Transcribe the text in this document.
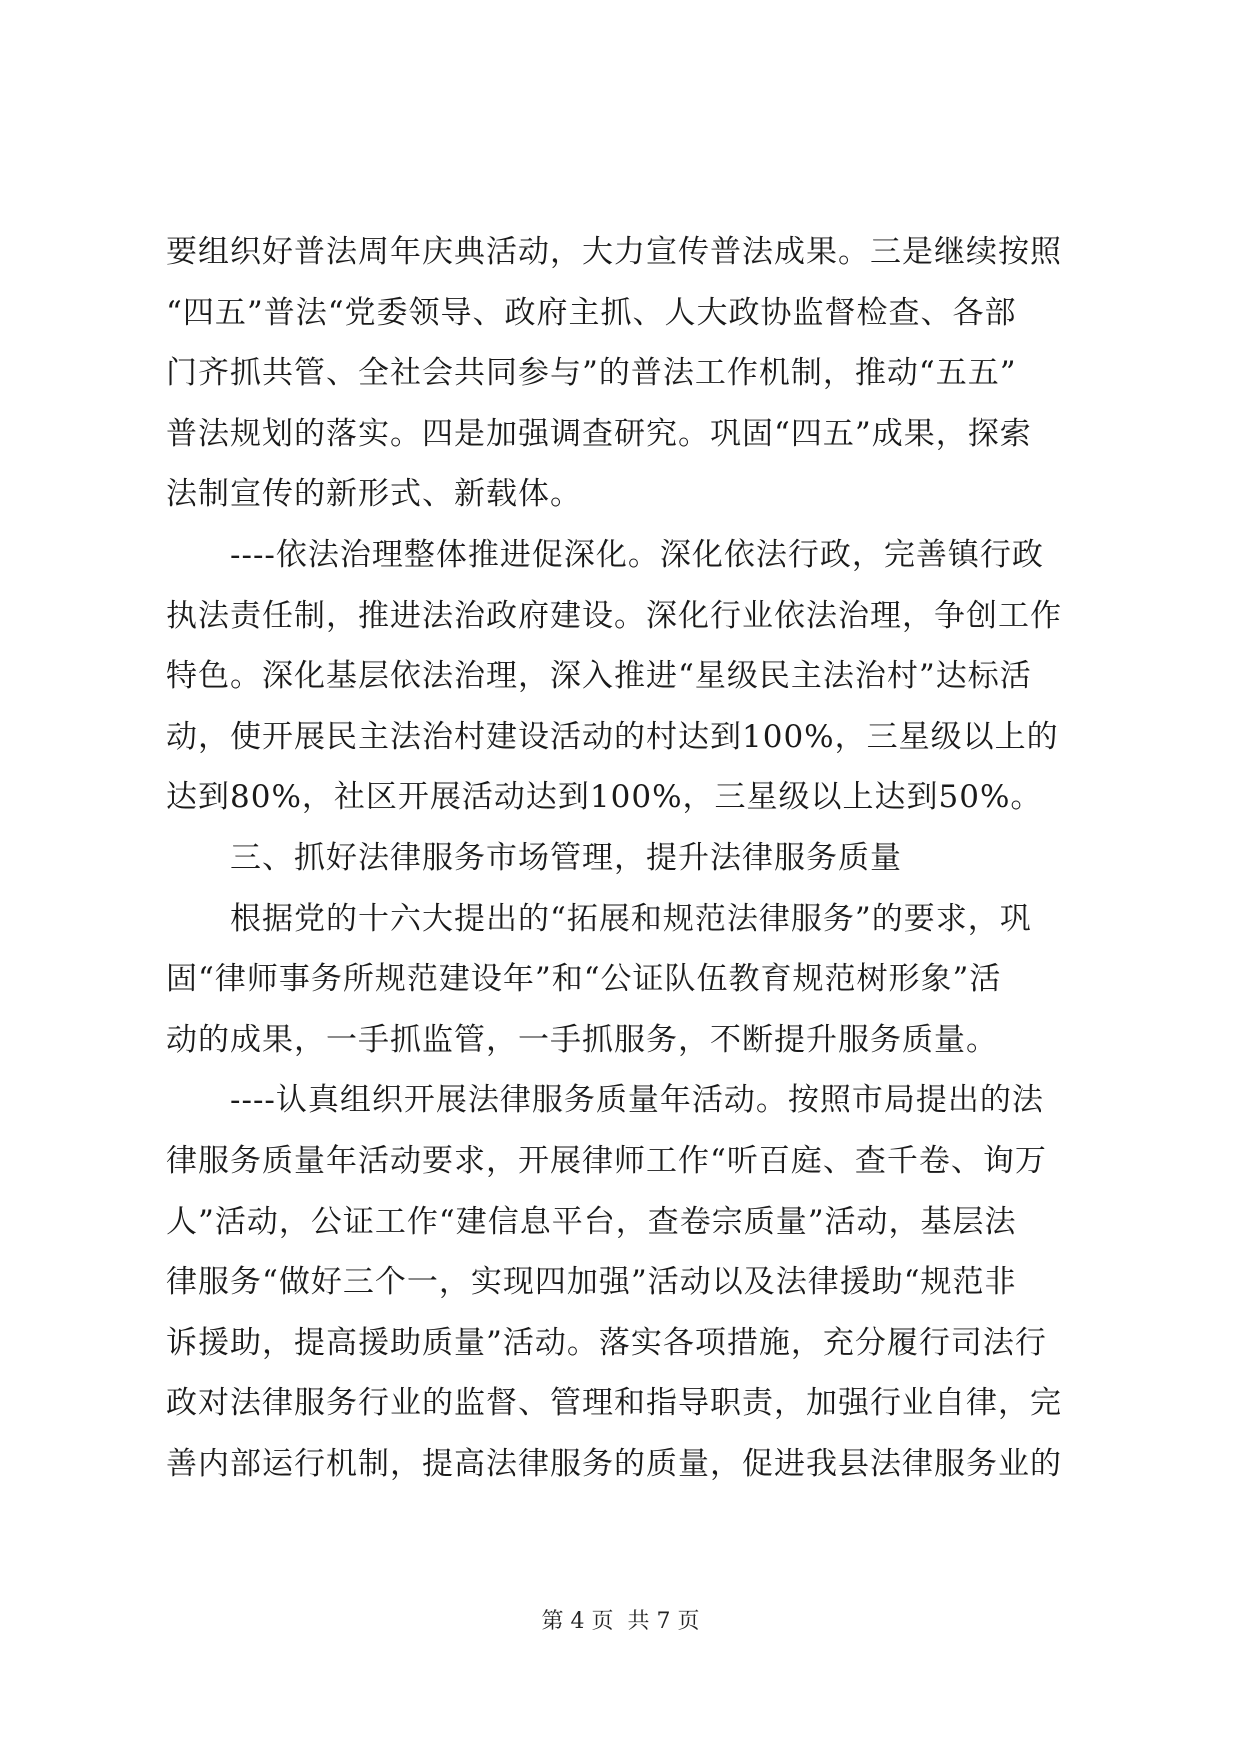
要组织好普法周年庆典活动，大力宣传普法成果。三是继续按照
“四五”普法“党委领导、政府主抓、人大政协监督检查、各部
门齐抓共管、全社会共同参与”的普法工作机制，推动“五五”
普法规划的落实。四是加强调查研究。巩固“四五”成果，探索
法制宣传的新形式、新载体。
　　----依法治理整体推进促深化。深化依法行政，完善镇行政
执法责任制，推进法治政府建设。深化行业依法治理，争创工作
特色。深化基层依法治理，深入推进“星级民主法治村”达标活
动，使开展民主法治村建设活动的村达到100%，三星级以上的
达到80%，社区开展活动达到100%，三星级以上达到50%。
　　三、抓好法律服务市场管理，提升法律服务质量
　　根据党的十六大提出的“拓展和规范法律服务”的要求，巩
固“律师事务所规范建设年”和“公证队伍教育规范树形象”活
动的成果，一手抓监管，一手抓服务，不断提升服务质量。
　　----认真组织开展法律服务质量年活动。按照市局提出的法
律服务质量年活动要求，开展律师工作“听百庭、查千卷、询万
人”活动，公证工作“建信息平台，查卷宗质量”活动，基层法
律服务“做好三个一，实现四加强”活动以及法律援助“规范非
诉援助，提高援助质量”活动。落实各项措施，充分履行司法行
政对法律服务行业的监督、管理和指导职责，加强行业自律，完
善内部运行机制，提高法律服务的质量，促进我县法律服务业的
第 4 页  共 7 页
